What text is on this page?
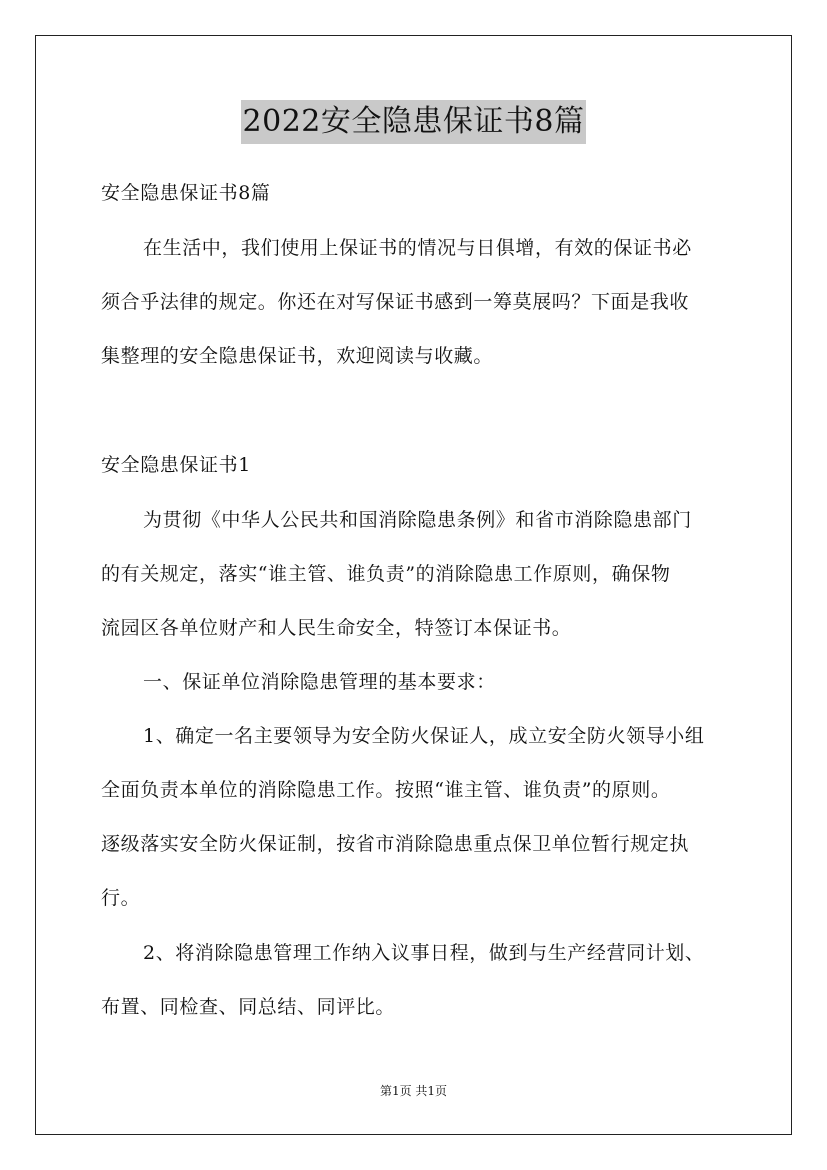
2022安全隐患保证书8篇
安全隐患保证书8篇
在生活中，我们使用上保证书的情况与日俱增，有效的保证书必
须合乎法律的规定。你还在对写保证书感到一筹莫展吗？下面是我收
集整理的安全隐患保证书，欢迎阅读与收藏。
安全隐患保证书1
为贯彻《中华人公民共和国消除隐患条例》和省市消除隐患部门
的有关规定，落实“谁主管、谁负责”的消除隐患工作原则，确保物
流园区各单位财产和人民生命安全，特签订本保证书。
一、保证单位消除隐患管理的基本要求：
1、确定一名主要领导为安全防火保证人，成立安全防火领导小组
全面负责本单位的消除隐患工作。按照“谁主管、谁负责”的原则。
逐级落实安全防火保证制，按省市消除隐患重点保卫单位暂行规定执
行。
2、将消除隐患管理工作纳入议事日程，做到与生产经营同计划、
布置、同检查、同总结、同评比。
第1页 共1页
